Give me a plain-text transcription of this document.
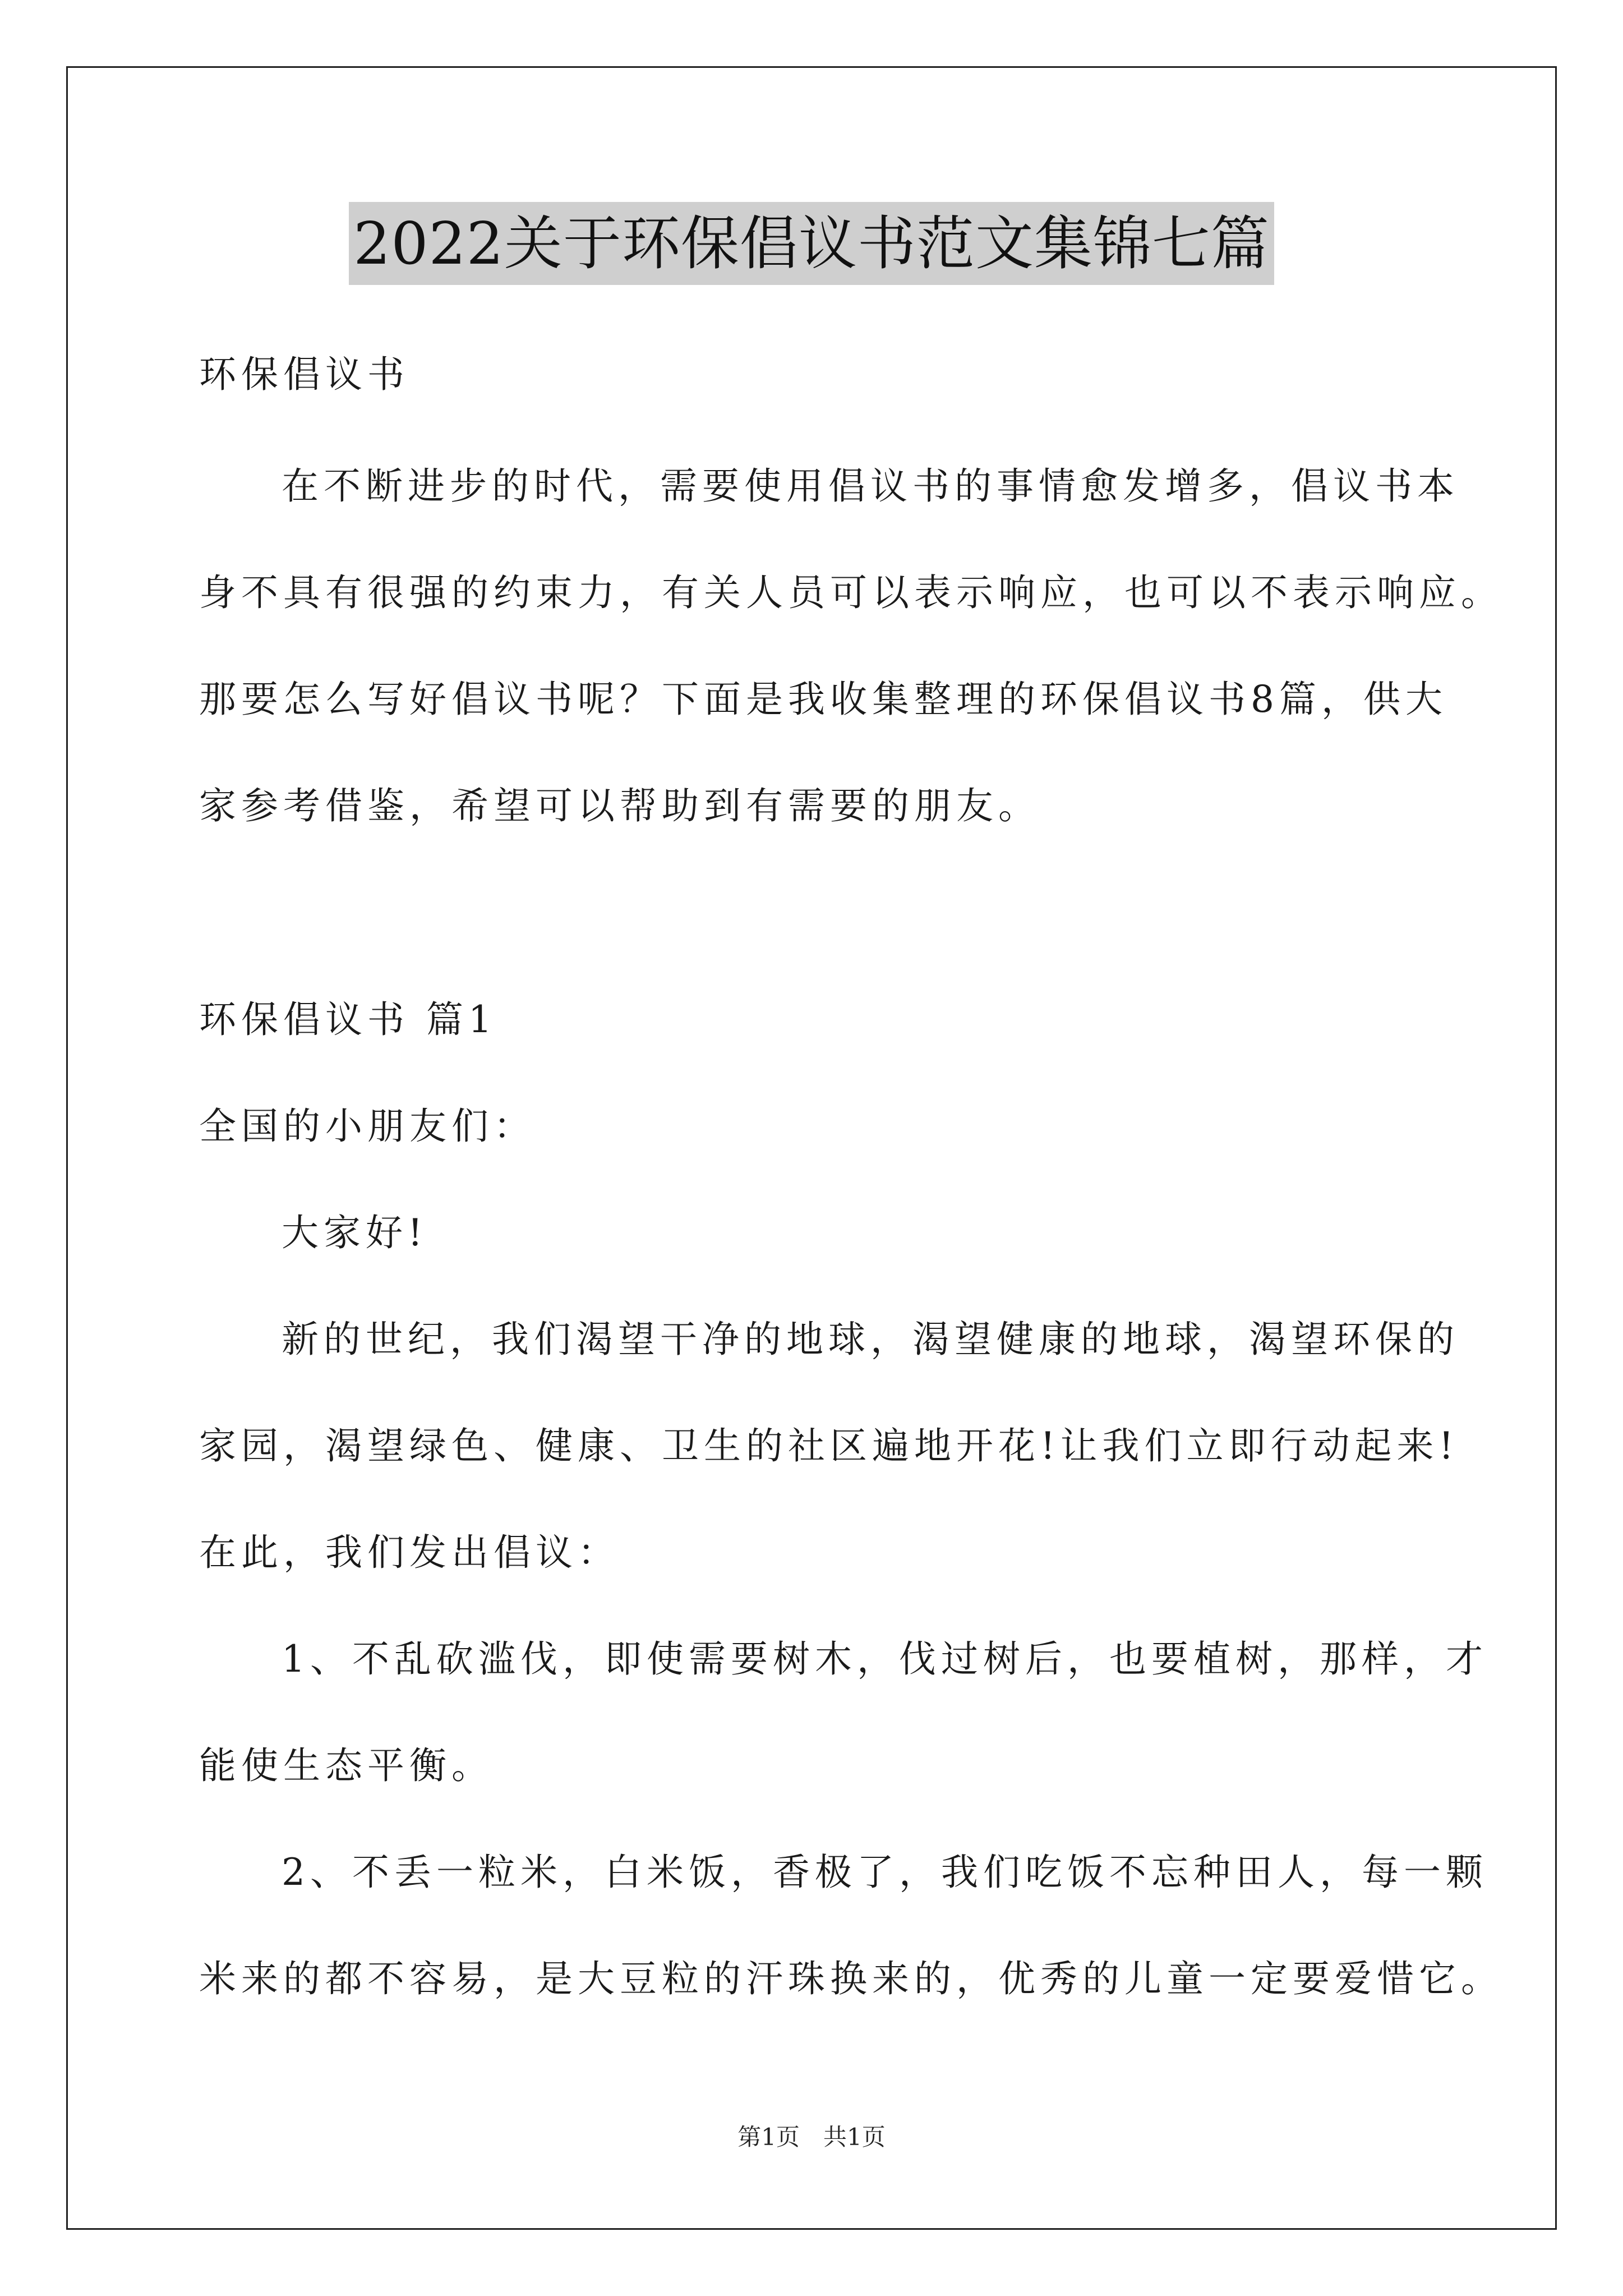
2022关于环保倡议书范文集锦七篇
环保倡议书
在不断进步的时代，需要使用倡议书的事情愈发增多，倡议书本
身不具有很强的约束力，有关人员可以表示响应，也可以不表示响应。
那要怎么写好倡议书呢？下面是我收集整理的环保倡议书8篇，供大
家参考借鉴，希望可以帮助到有需要的朋友。
环保倡议书 篇1
全国的小朋友们：
大家好!
新的世纪，我们渴望干净的地球，渴望健康的地球，渴望环保的
家园，渴望绿色、健康、卫生的社区遍地开花!让我们立即行动起来!
在此，我们发出倡议：
1、不乱砍滥伐，即使需要树木，伐过树后，也要植树，那样，才
能使生态平衡。
2、不丢一粒米，白米饭，香极了，我们吃饭不忘种田人，每一颗
米来的都不容易，是大豆粒的汗珠换来的，优秀的儿童一定要爱惜它。
第1页　共1页
